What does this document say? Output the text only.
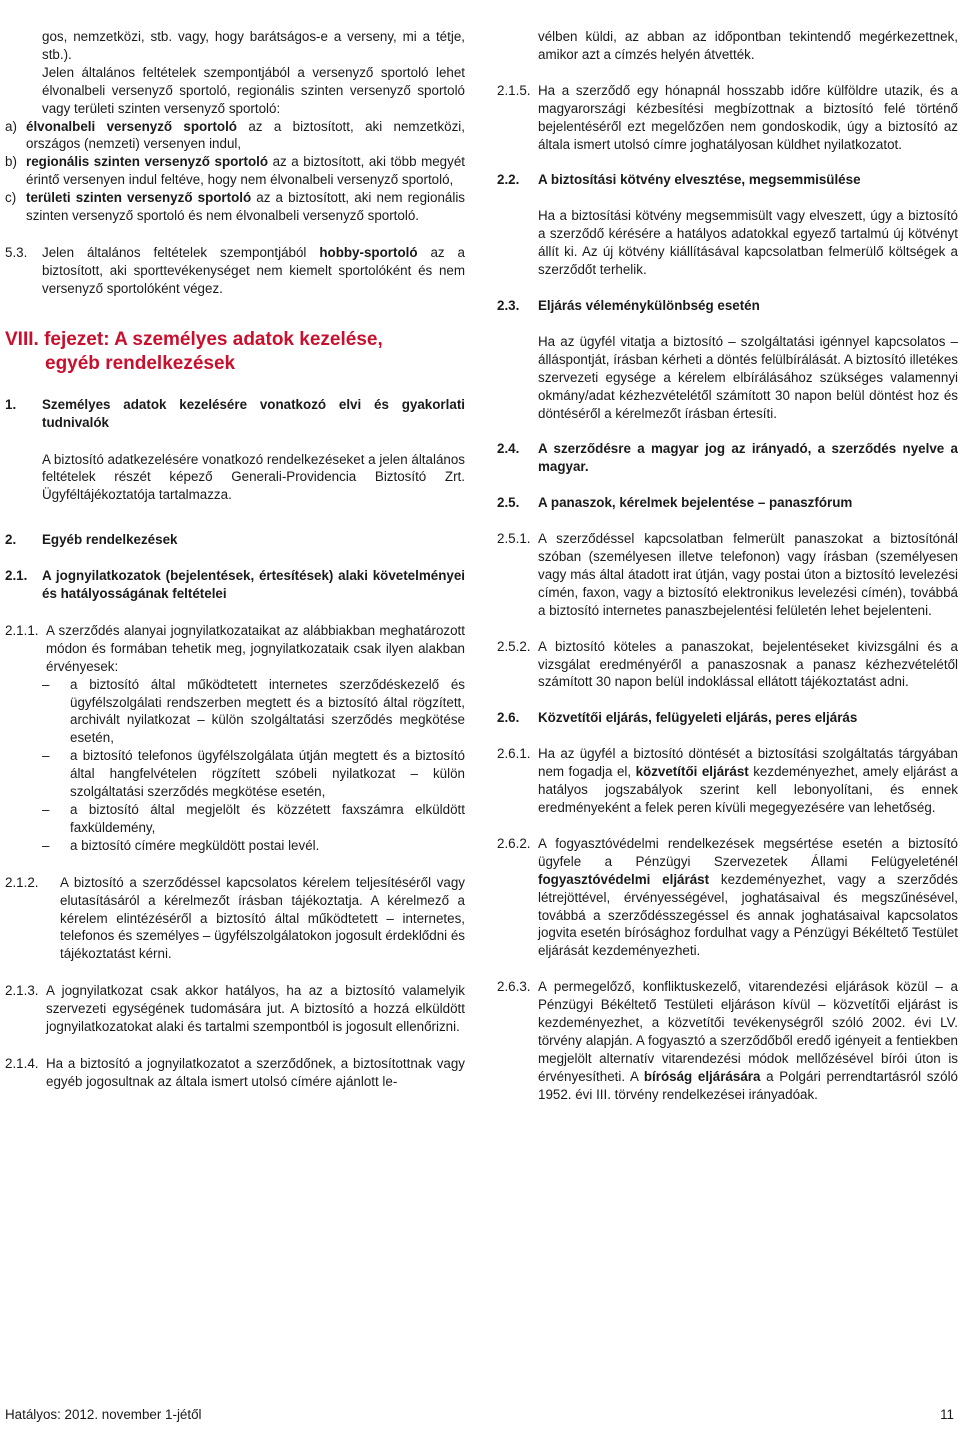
gos, nemzetközi, stb. vagy, hogy barátságos-e a verseny, mi a tétje, stb.).

Jelen általános feltételek szempontjából a versenyző sportoló lehet élvonalbeli versenyző sportoló, regionális szinten versenyző sportoló vagy területi szinten versenyző sportoló:

a) élvonalbeli versenyző sportoló az a biztosított, aki nemzetközi, országos (nemzeti) versenyen indul,

b) regionális szinten versenyző sportoló az a biztosított, aki több megyét érintő versenyen indul feltéve, hogy nem élvonalbeli versenyző sportoló,

c) területi szinten versenyző sportoló az a biztosított, aki nem regionális szinten versenyző sportoló és nem élvonalbeli versenyző sportoló.

5.3.	Jelen általános feltételek szempontjából hobby-sportoló az a biztosított, aki sporttevékenységet nem kiemelt sportolóként és nem versenyző sportolóként végez.

VIII. fejezet: A személyes adatok kezelése,
egyéb rendelkezések
1.	Személyes adatok kezelésére vonatkozó elvi és gyakorlati tudnivalók

A biztosító adatkezelésére vonatkozó rendelkezéseket a jelen általános feltételek részét képező Generali-Providencia Biztosító Zrt. Ügyféltájékoztatója tartalmazza.

2.	Egyéb rendelkezések

2.1.	A jognyilatkozatok (bejelentések, értesítések) alaki követelményei és hatályosságának feltételei

2.1.1. A szerződés alanyai jognyilatkozataikat az alábbiakban meghatározott módon és formában tehetik meg, jognyilatkozataik csak ilyen alakban érvényesek:

–	a biztosító által működtetett internetes szerződéskezelő és ügyfélszolgálati rendszerben megtett és a biztosító által rögzített, archivált nyilatkozat – külön szolgáltatási szerződés megkötése esetén,

–	a biztosító telefonos ügyfélszolgálata útján megtett és a biztosító által hangfelvételen rögzített szóbeli nyilatkozat – külön szolgáltatási szerződés megkötése esetén,

–	a biztosító által megjelölt és közzétett faxszámra elküldött faxküldemény,

–	a biztosító címére megküldött postai levél.

2.1.2.	A biztosító a szerződéssel kapcsolatos kérelem teljesítéséről vagy elutasításáról a kérelmezőt írásban tájékoztatja. A kérelmező a kérelem elintézéséről a biztosító által működtetett – internetes, telefonos és személyes – ügyfélszolgálatokon jogosult érdeklődni és tájékoztatást kérni.

2.1.3. A jognyilatkozat csak akkor hatályos, ha az a biztosító valamelyik szervezeti egységének tudomására jut. A biztosító a hozzá elküldött jognyilatkozatokat alaki és tartalmi szempontból is jogosult ellenőrizni.

2.1.4. Ha a biztosító a jognyilatkozatot a szerződőnek, a biztosítottnak vagy egyéb jogosultnak az általa ismert utolsó címére ajánlott le-

vélben küldi, az abban az időpontban tekintendő megérkezettnek, amikor azt a címzés helyén átvették.

2.1.5. Ha a szerződő egy hónapnál hosszabb időre külföldre utazik, és a magyarországi kézbesítési megbízottnak a biztosító felé történő bejelentéséről ezt megelőzően nem gondoskodik, úgy a biztosító az általa ismert utolsó címre joghatályosan küldhet nyilatkozatot.

2.2.	A biztosítási kötvény elvesztése, megsemmisülése

Ha a biztosítási kötvény megsemmisült vagy elveszett, úgy a biztosító a szerződő kérésére a hatályos adatokkal egyező tartalmú új kötvényt állít ki. Az új kötvény kiállításával kapcsolatban felmerülő költségek a szerződőt terhelik.

2.3.	Eljárás véleménykülönbség esetén

Ha az ügyfél vitatja a biztosító – szolgáltatási igénnyel kapcsolatos – álláspontját, írásban kérheti a döntés felülbírálását. A biztosító illetékes szervezeti egysége a kérelem elbírálásához szükséges valamennyi okmány/adat kézhezvételétől számított 30 napon belül döntést hoz és döntéséről a kérelmezőt írásban értesíti.

2.4.	A szerződésre a magyar jog az irányadó, a szerződés nyelve a magyar.

2.5.	A panaszok, kérelmek bejelentése – panaszfórum

2.5.1. A szerződéssel kapcsolatban felmerült panaszokat a biztosítónál szóban (személyesen illetve telefonon) vagy írásban (személyesen vagy más által átadott irat útján, vagy postai úton a biztosító levelezési címén, faxon, vagy a biztosító elektronikus levelezési címén), továbbá a biztosító internetes panaszbejelentési felületén lehet bejelenteni.

2.5.2. A biztosító köteles a panaszokat, bejelentéseket kivizsgálni és a vizsgálat eredményéről a panaszosnak a panasz kézhezvételétől számított 30 napon belül indoklással ellátott tájékoztatást adni.

2.6.	Közvetítői eljárás, felügyeleti eljárás, peres eljárás

2.6.1. Ha az ügyfél a biztosító döntését a biztosítási szolgáltatás tárgyában nem fogadja el, közvetítői eljárást kezdeményezhet, amely eljárást a hatályos jogszabályok szerint kell lebonyolítani, és ennek eredményeként a felek peren kívüli megegyezésére van lehetőség.

2.6.2. A fogyasztóvédelmi rendelkezések megsértése esetén a biztosító ügyfele a Pénzügyi Szervezetek Állami Felügyeleténél fogyasztóvédelmi eljárást kezdeményezhet, vagy a szerződés létrejöttével, érvényességével, joghatásaival és megszűnésével, továbbá a szerződésszegéssel és annak joghatásaival kapcsolatos jogvita esetén bírósághoz fordulhat vagy a Pénzügyi Békéltető Testület eljárását kezdeményezheti.

2.6.3. A permegelőző, konfliktuskezelő, vitarendezési eljárások közül – a Pénzügyi Békéltető Testületi eljáráson kívül – közvetítői eljárást is kezdeményezhet, a közvetítői tevékenységről szóló 2002. évi LV. törvény alapján. A fogyasztó a szerződőből eredő igényeit a fentiekben megjelölt alternatív vitarendezési módok mellőzésével bírói úton is érvényesítheti. A bíróság eljárására a Polgári perrendtartásról szóló 1952. évi III. törvény rendelkezései irányadóak.

Hatályos: 2012. november 1-jétől	11
